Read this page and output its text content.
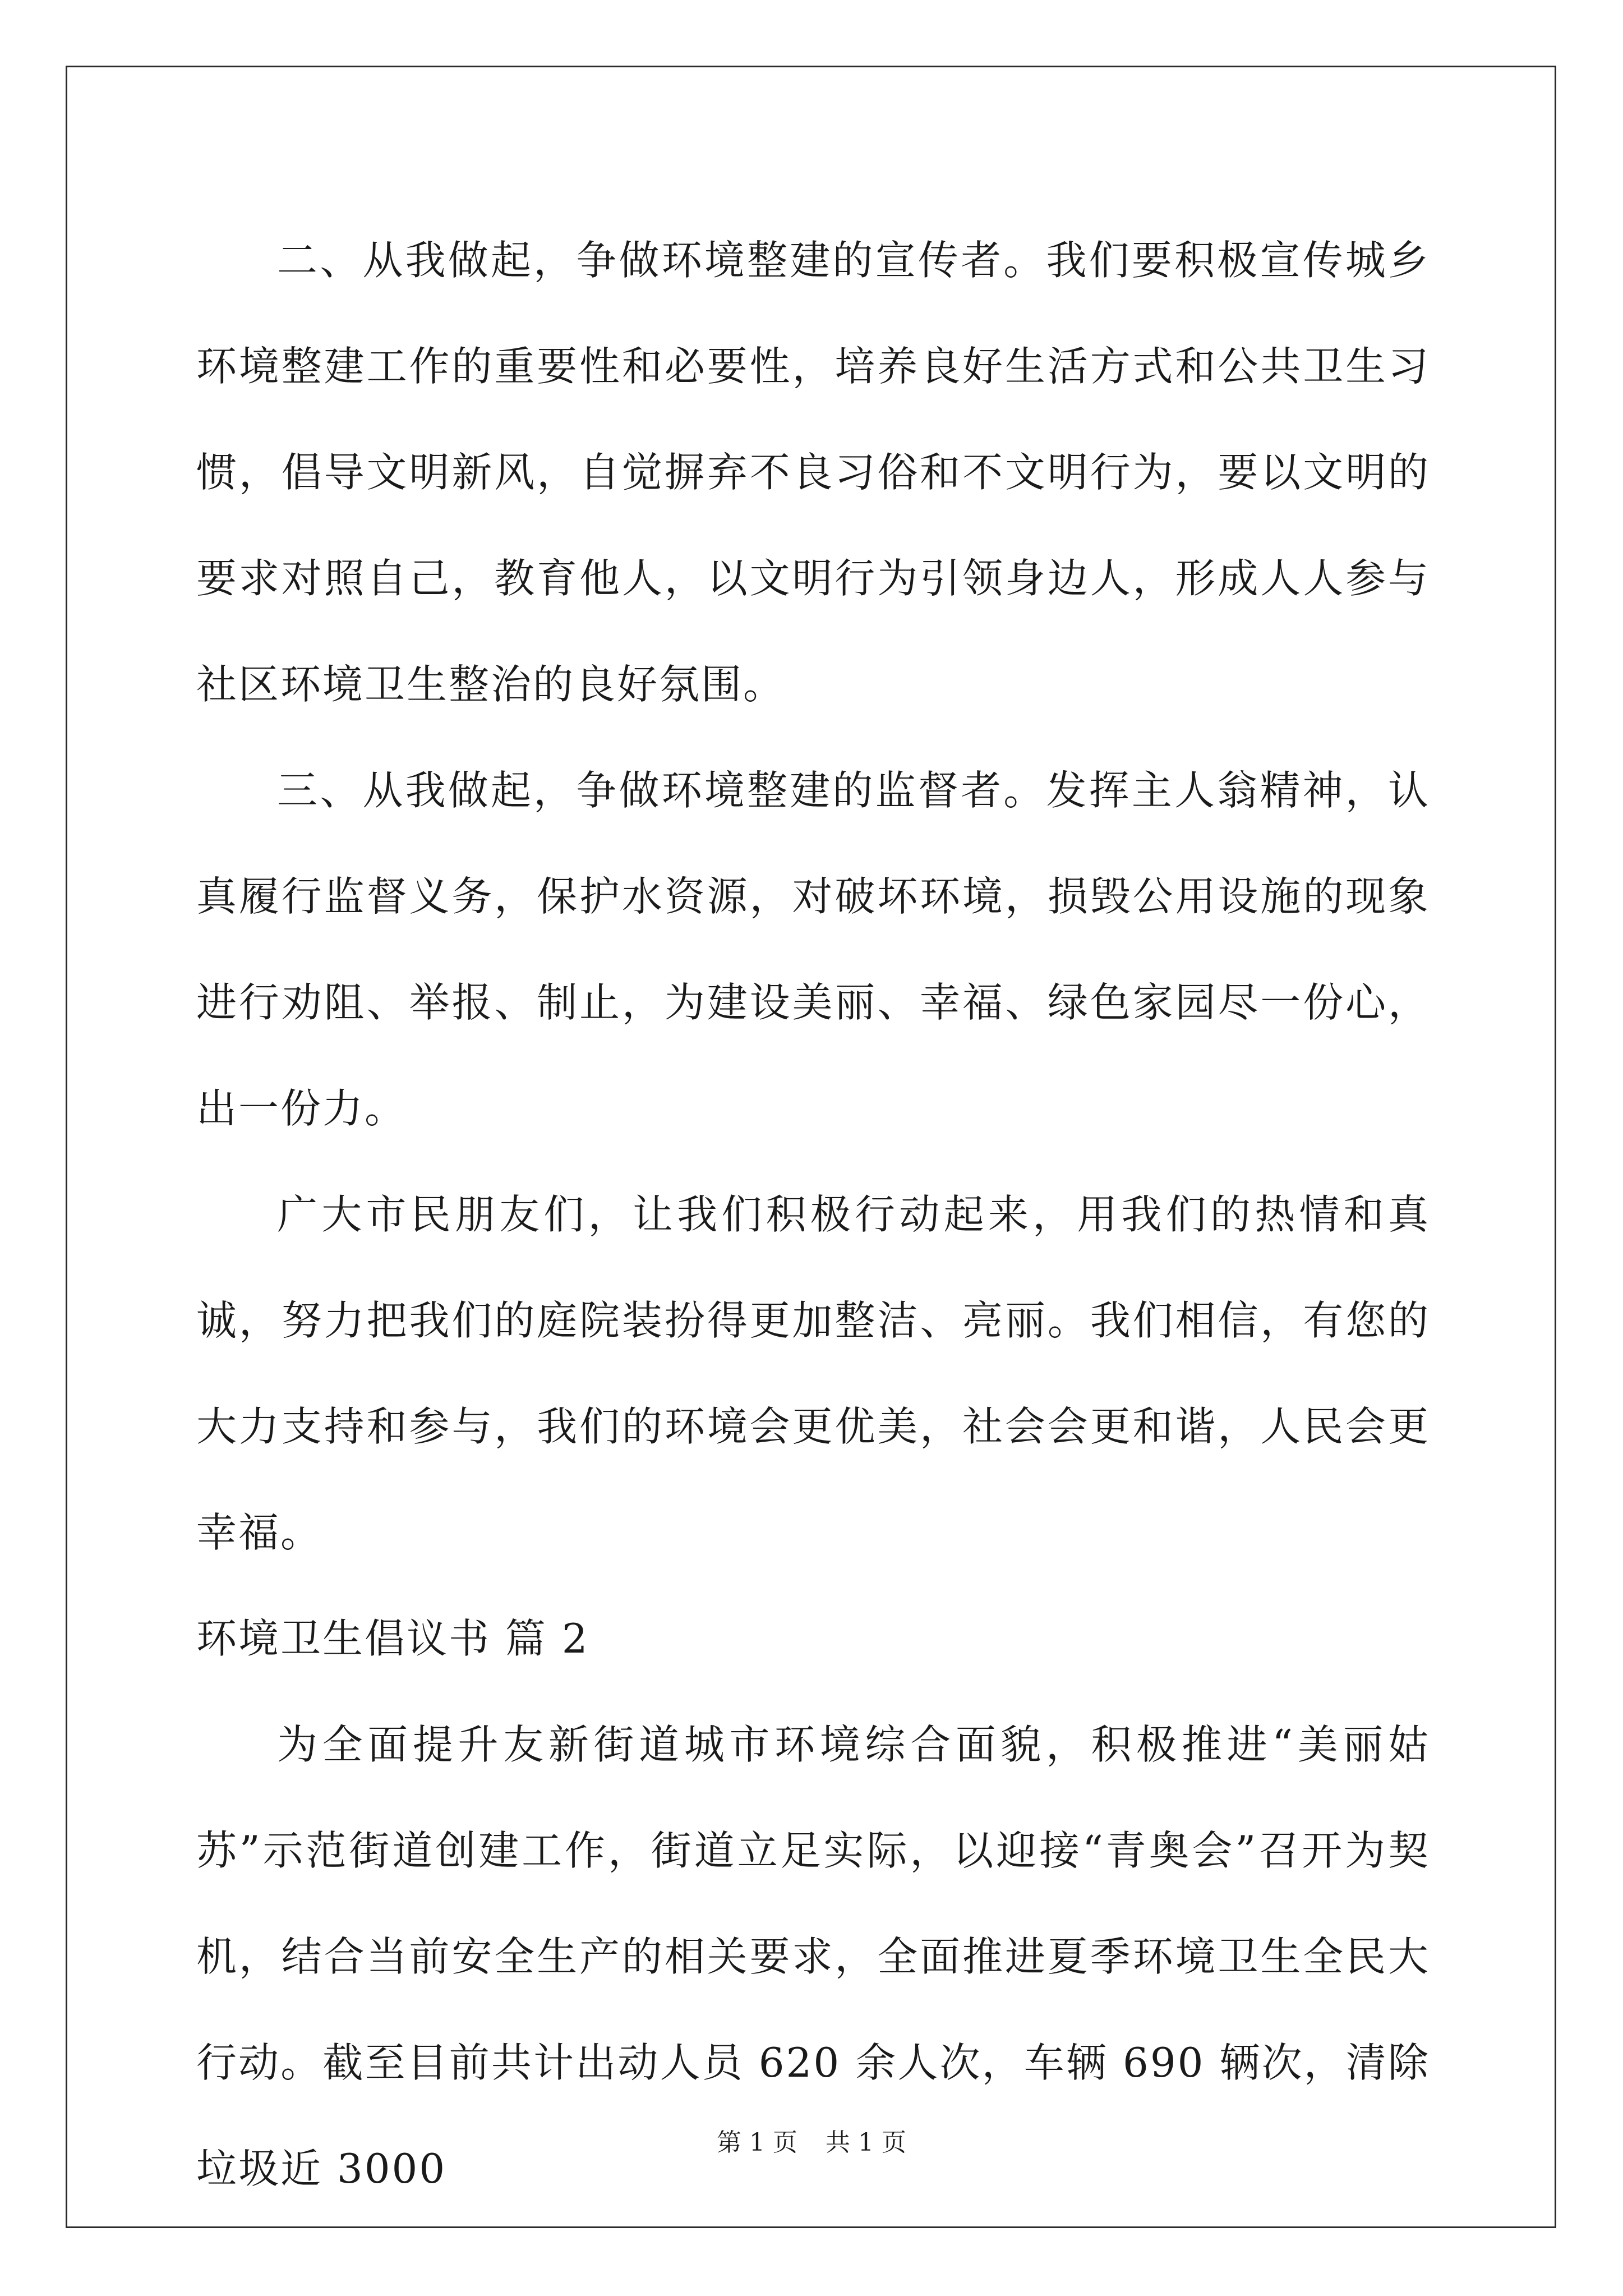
二、从我做起，争做环境整建的宣传者。我们要积极宣传城乡环境整建工作的重要性和必要性，培养良好生活方式和公共卫生习惯，倡导文明新风，自觉摒弃不良习俗和不文明行为，要以文明的要求对照自己，教育他人，以文明行为引领身边人，形成人人参与社区环境卫生整治的良好氛围。

三、从我做起，争做环境整建的监督者。发挥主人翁精神，认真履行监督义务，保护水资源，对破坏环境，损毁公用设施的现象进行劝阻、举报、制止，为建设美丽、幸福、绿色家园尽一份心，出一份力。

广大市民朋友们，让我们积极行动起来，用我们的热情和真诚，努力把我们的庭院装扮得更加整洁、亮丽。我们相信，有您的大力支持和参与，我们的环境会更优美，社会会更和谐，人民会更幸福。

环境卫生倡议书 篇 2

为全面提升友新街道城市环境综合面貌，积极推进“美丽姑苏”示范街道创建工作，街道立足实际，以迎接“青奥会”召开为契机，结合当前安全生产的相关要求，全面推进夏季环境卫生全民大行动。截至目前共计出动人员 620 余人次，车辆 690 辆次，清除垃圾近 3000

第 1 页 共 1 页
